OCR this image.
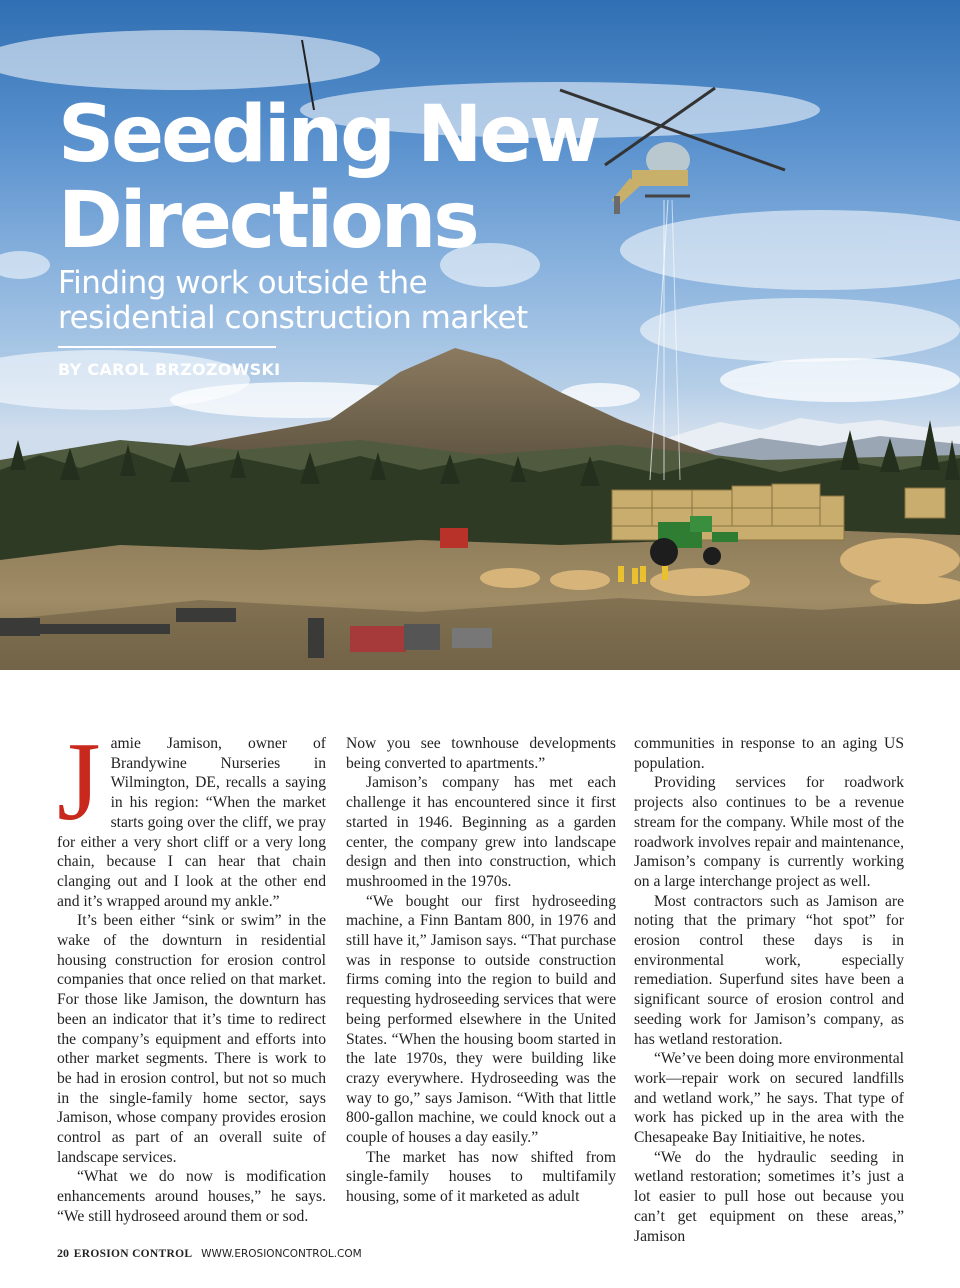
Seeding New
Directions
Finding work outside the
residential construction market
BY CAROL BRZOZOWSKI
J amie Jamison, owner of Brandywine Nurseries in Wilmington, DE, recalls a saying in his region: “When the market starts going over the cliff, we pray for either a very short cliff or a very long chain, because I can hear that chain clanging out and I look at the other end and it’s wrapped around my ankle.”

It’s been either “sink or swim” in the wake of the downturn in residential housing construction for erosion control companies that once relied on that market. For those like Jamison, the downturn has been an indicator that it’s time to redirect the company’s equipment and efforts into other market segments. There is work to be had in erosion control, but not so much in the single-family home sector, says Jamison, whose company provides erosion control as part of an overall suite of landscape services.

“What we do now is modification enhancements around houses,” he says. “We still hydroseed around them or sod.

Now you see townhouse developments being converted to apartments.”

Jamison’s company has met each challenge it has encountered since it first started in 1946. Beginning as a garden center, the company grew into landscape design and then into construction, which mushroomed in the 1970s.

“We bought our first hydroseeding machine, a Finn Bantam 800, in 1976 and still have it,” Jamison says. “That purchase was in response to outside construction firms coming into the region to build and requesting hydroseeding services that were being performed elsewhere in the United States. “When the housing boom started in the late 1970s, they were building like crazy everywhere. Hydroseeding was the way to go,” says Jamison. “With that little 800-gallon machine, we could knock out a couple of houses a day easily.”

The market has now shifted from single-family houses to multifamily housing, some of it marketed as adult

communities in response to an aging US population.

Providing services for roadwork projects also continues to be a revenue stream for the company. While most of the roadwork involves repair and maintenance, Jamison’s company is currently working on a large interchange project as well.

Most contractors such as Jamison are noting that the primary “hot spot” for erosion control these days is in environmental work, especially remediation. Superfund sites have been a significant source of erosion control and seeding work for Jamison’s company, as has wetland restoration.

“We’ve been doing more environmental work—repair work on secured landfills and wetland work,” he says. That type of work has picked up in the area with the Chesapeake Bay Initiaitive, he notes.

“We do the hydraulic seeding in wetland restoration; sometimes it’s just a lot easier to pull hose out because you can’t get equipment on these areas,” Jamison

20 EROSION CONTROL WWW.EROSIONCONTROL.COM
